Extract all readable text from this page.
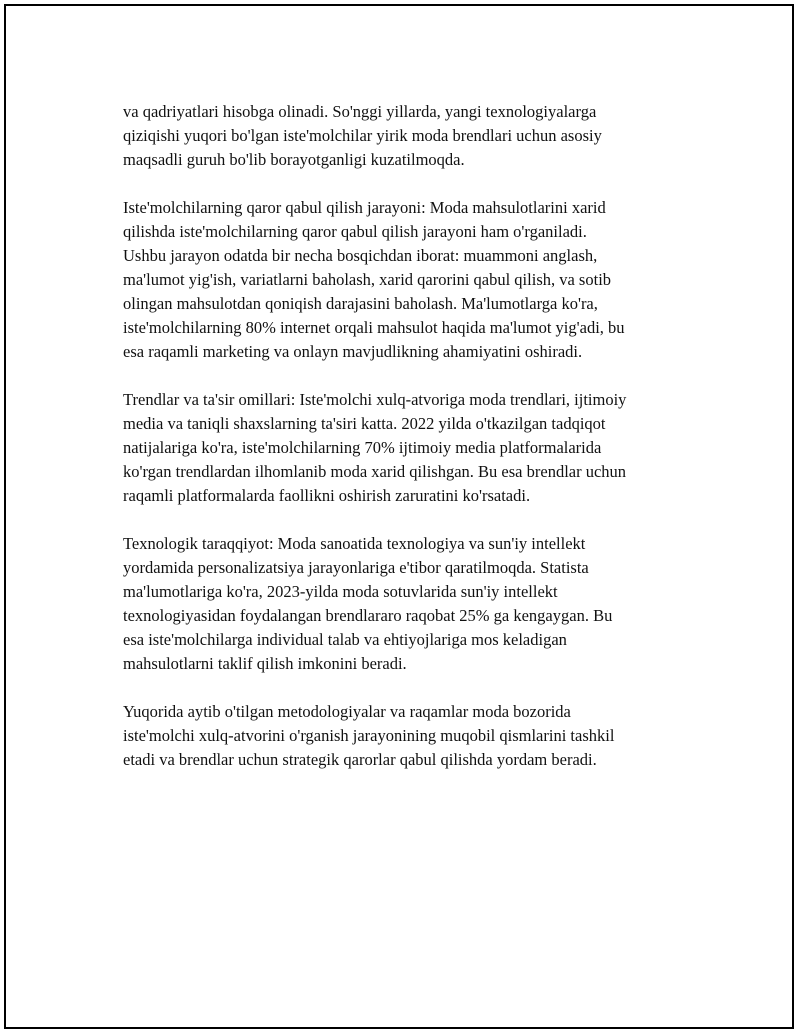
va qadriyatlari hisobga olinadi. So'nggi yillarda, yangi texnologiyalarga
qiziqishi yuqori bo'lgan iste'molchilar yirik moda brendlari uchun asosiy
maqsadli guruh bo'lib borayotganligi kuzatilmoqda.

Iste'molchilarning qaror qabul qilish jarayoni: Moda mahsulotlarini xarid
qilishda iste'molchilarning qaror qabul qilish jarayoni ham o'rganiladi.
Ushbu jarayon odatda bir necha bosqichdan iborat: muammoni anglash,
ma'lumot yig'ish, variatlarni baholash, xarid qarorini qabul qilish, va sotib
olingan mahsulotdan qoniqish darajasini baholash. Ma'lumotlarga ko'ra,
iste'molchilarning 80% internet orqali mahsulot haqida ma'lumot yig'adi, bu
esa raqamli marketing va onlayn mavjudlikning ahamiyatini oshiradi.

Trendlar va ta'sir omillari: Iste'molchi xulq-atvoriga moda trendlari, ijtimoiy
media va taniqli shaxslarning ta'siri katta. 2022 yilda o'tkazilgan tadqiqot
natijalariga ko'ra, iste'molchilarning 70% ijtimoiy media platformalarida
ko'rgan trendlardan ilhomlanib moda xarid qilishgan. Bu esa brendlar uchun
raqamli platformalarda faollikni oshirish zaruratini ko'rsatadi.

Texnologik taraqqiyot: Moda sanoatida texnologiya va sun'iy intellekt
yordamida personalizatsiya jarayonlariga e'tibor qaratilmoqda. Statista
ma'lumotlariga ko'ra, 2023-yilda moda sotuvlarida sun'iy intellekt
texnologiyasidan foydalangan brendlararo raqobat 25% ga kengaygan. Bu
esa iste'molchilarga individual talab va ehtiyojlariga mos keladigan
mahsulotlarni taklif qilish imkonini beradi.

Yuqorida aytib o'tilgan metodologiyalar va raqamlar moda bozorida
iste'molchi xulq-atvorini o'rganish jarayonining muqobil qismlarini tashkil
etadi va brendlar uchun strategik qarorlar qabul qilishda yordam beradi.
